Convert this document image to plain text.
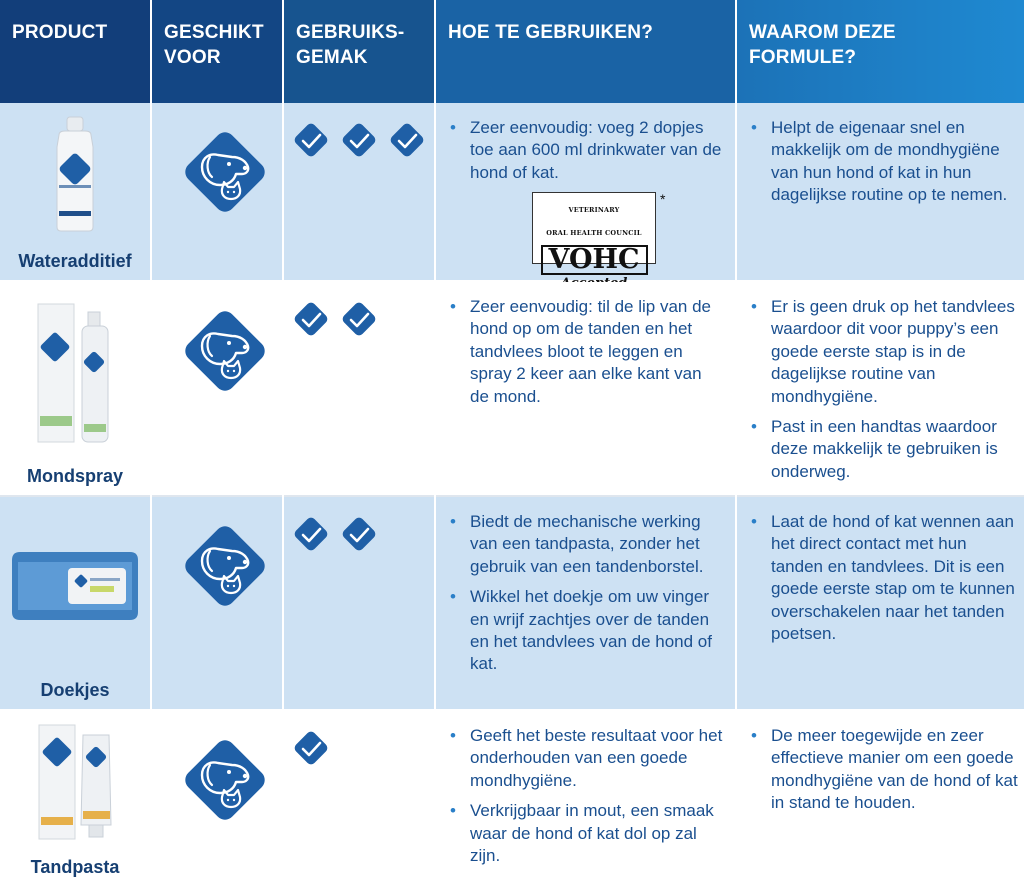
PRODUCT	GESCHIKT
VOOR
GEBRUIKS-
GEMAK
HOE TE GEBRUIKEN?	WAAROM DEZE
FORMULE?
Wateradditief
• Zeer eenvoudig: voeg 2 dopjes toe aan 600 ml drinkwater van de hond of kat.
VETERINARY
ORAL HEALTH COUNCIL
VOHC
*
• Helpt de eigenaar snel en makkelijk om de mondhygiëne van hun hond of kat in hun dagelijkse routine op te nemen.
Mondspray
• Zeer eenvoudig: til de lip van de hond op om de tanden en het tandvlees bloot te leggen en spray 2 keer aan elke kant van de mond.
• Er is geen druk op het tandvlees waardoor dit voor puppy’s een goede eerste stap is in de dagelijkse routine van mondhygiëne.
• Past in een handtas waardoor deze makkelijk te gebruiken is onderweg.
Doekjes
• Biedt de mechanische werking van een tandpasta, zonder het gebruik van een tandenborstel.
• Wikkel het doekje om uw vinger en wrijf zachtjes over de tanden en het tandvlees van de hond of kat.
• Laat de hond of kat wennen aan het direct contact met hun tanden en tandvlees. Dit is een goede eerste stap om te kunnen overschakelen naar het tanden poetsen.
Tandpasta
• Geeft het beste resultaat voor het onderhouden van een goede mondhygiëne.
• Verkrijgbaar in mout, een smaak waar de hond of kat dol op zal zijn.
• De meer toegewijde en zeer effectieve manier om een goede mondhygiëne van de hond of kat in stand te houden.
